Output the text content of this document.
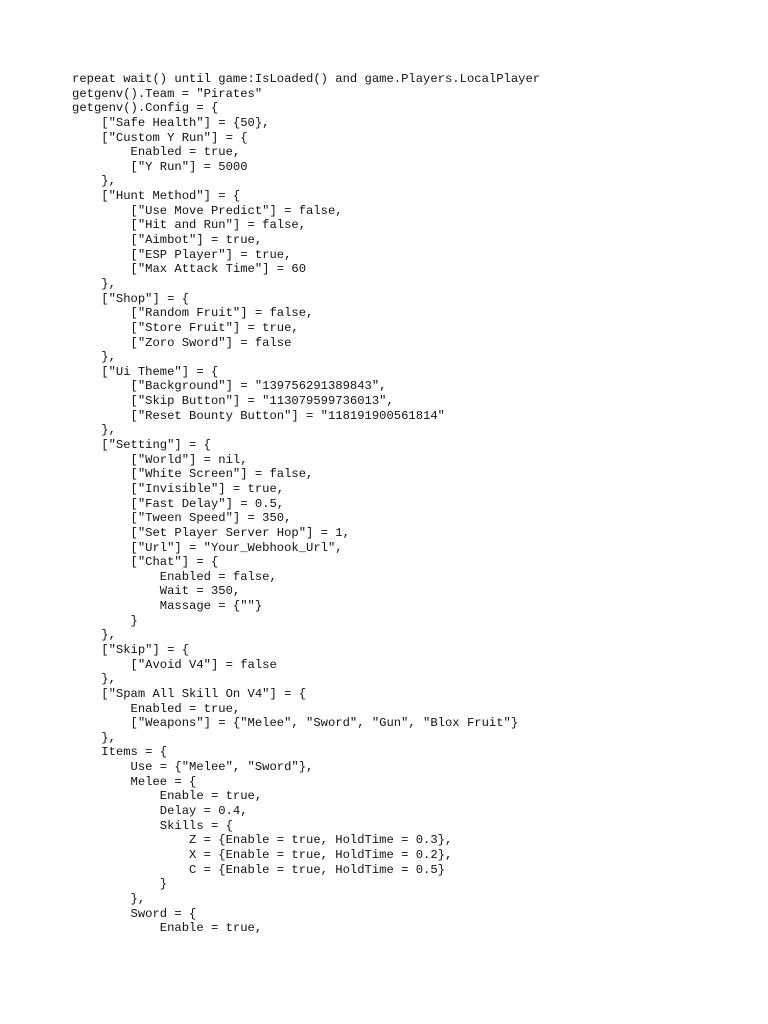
repeat wait() until game:IsLoaded() and game.Players.LocalPlayer
getgenv().Team = "Pirates"
getgenv().Config = {
["Safe Health"] = {50},
["Custom Y Run"] = {
Enabled = true,
["Y Run"] = 5000
},
["Hunt Method"] = {
["Use Move Predict"] = false,
["Hit and Run"] = false,
["Aimbot"] = true,
["ESP Player"] = true,
["Max Attack Time"] = 60
},
["Shop"] = {
["Random Fruit"] = false,
["Store Fruit"] = true,
["Zoro Sword"] = false
},
["Ui Theme"] = {
["Background"] = "139756291389843",
["Skip Button"] = "113079599736013",
["Reset Bounty Button"] = "118191900561814"
},
["Setting"] = {
["World"] = nil,
["White Screen"] = false,
["Invisible"] = true,
["Fast Delay"] = 0.5,
["Tween Speed"] = 350,
["Set Player Server Hop"] = 1,
["Url"] = "Your_Webhook_Url",
["Chat"] = {
Enabled = false,
Wait = 350,
Massage = {""}
}
},
["Skip"] = {
["Avoid V4"] = false
},
["Spam All Skill On V4"] = {
Enabled = true,
["Weapons"] = {"Melee", "Sword", "Gun", "Blox Fruit"}
},
Items = {
Use = {"Melee", "Sword"},
Melee = {
Enable = true,
Delay = 0.4,
Skills = {
Z = {Enable = true, HoldTime = 0.3},
X = {Enable = true, HoldTime = 0.2},
C = {Enable = true, HoldTime = 0.5}
}
},
Sword = {
Enable = true,
